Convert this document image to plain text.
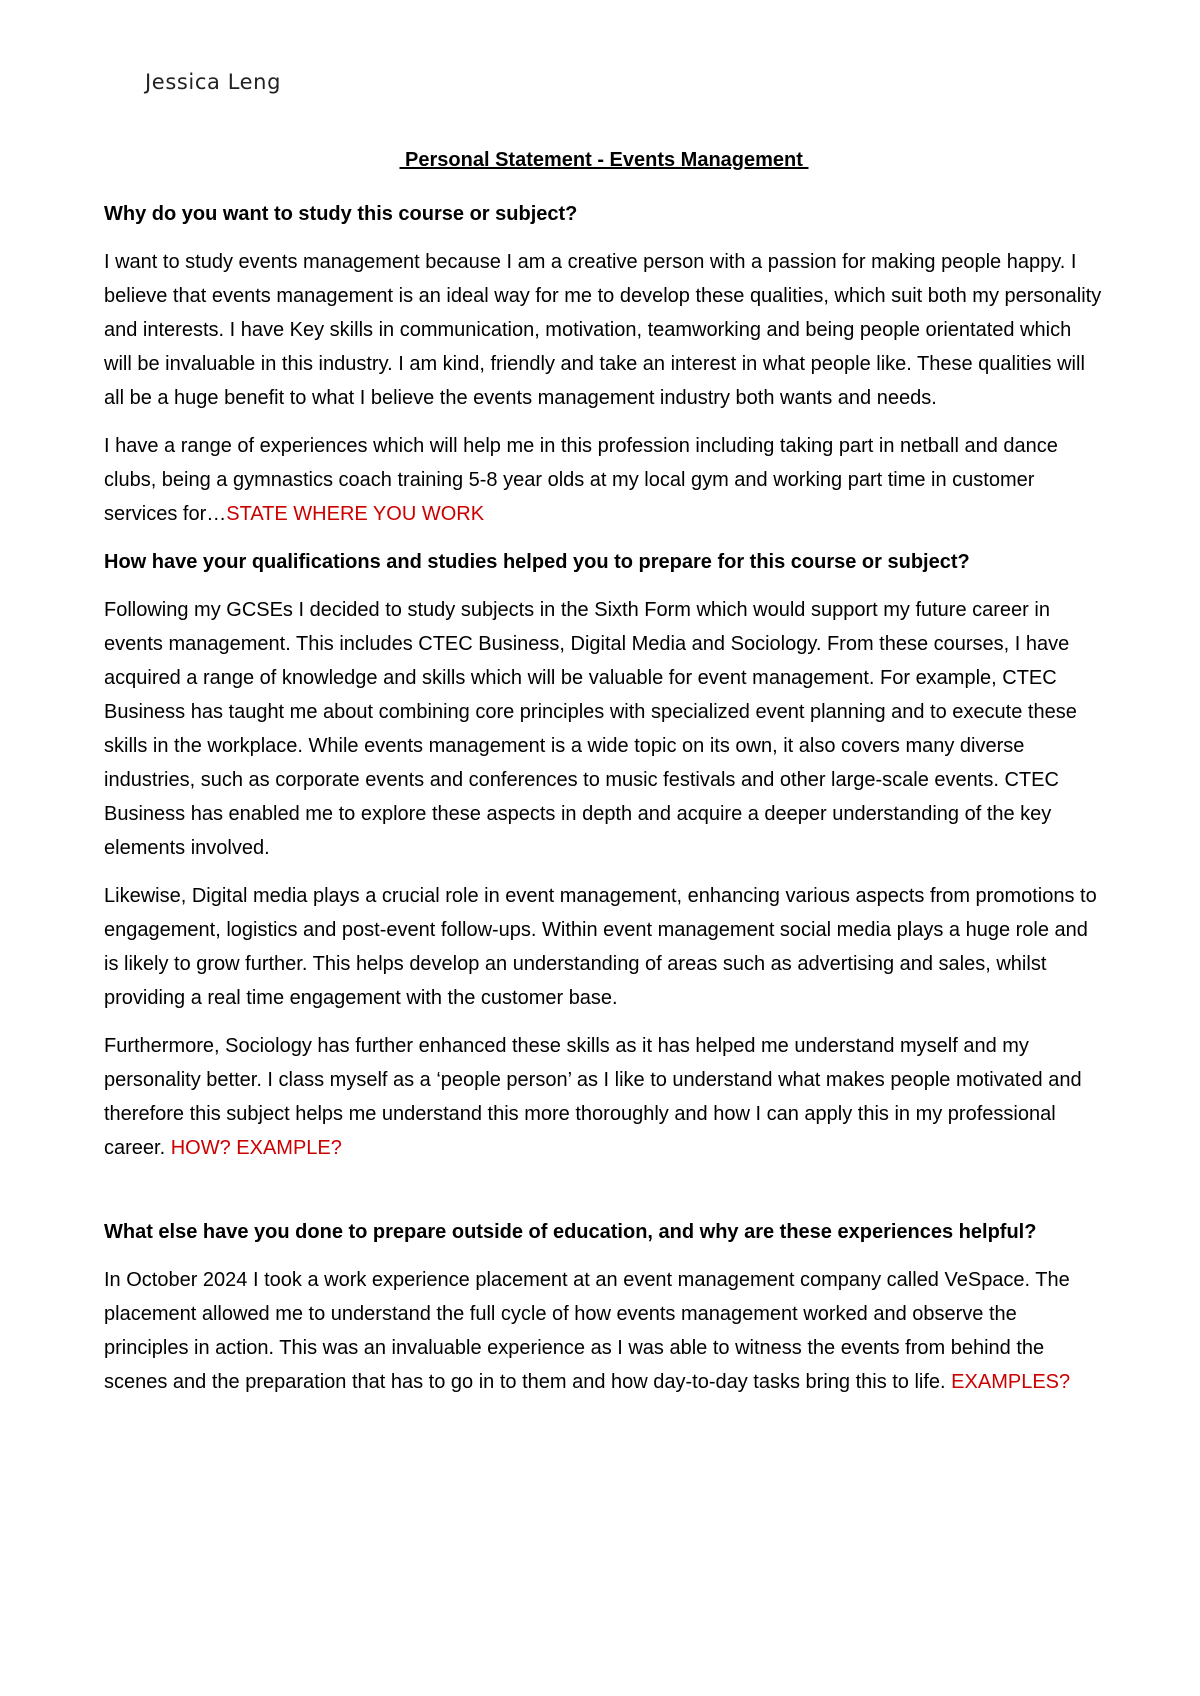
Jessica Leng
Personal Statement - Events Management
Why do you want to study this course or subject?
I want to study events management because I am a creative person with a passion for making people happy. I believe that events management is an ideal way for me to develop these qualities, which suit both my personality and interests. I have Key skills in communication, motivation, teamworking and being people orientated which will be invaluable in this industry. I am kind, friendly and take an interest in what people like. These qualities will all be a huge benefit to what I believe the events management industry both wants and needs.
I have a range of experiences which will help me in this profession including taking part in netball and dance clubs, being a gymnastics coach training 5-8 year olds at my local gym and working part time in customer services for…STATE WHERE YOU WORK
How have your qualifications and studies helped you to prepare for this course or subject?
Following my GCSEs I decided to study subjects in the Sixth Form which would support my future career in events management. This includes CTEC Business, Digital Media and Sociology. From these courses, I have acquired a range of knowledge and skills which will be valuable for event management. For example, CTEC Business has taught me about combining core principles with specialized event planning and to execute these skills in the workplace. While events management is a wide topic on its own, it also covers many diverse industries, such as corporate events and conferences to music festivals and other large-scale events. CTEC Business has enabled me to explore these aspects in depth and acquire a deeper understanding of the key elements involved.
Likewise, Digital media plays a crucial role in event management, enhancing various aspects from promotions to engagement, logistics and post-event follow-ups. Within event management social media plays a huge role and is likely to grow further. This helps develop an understanding of areas such as advertising and sales, whilst providing a real time engagement with the customer base.
Furthermore, Sociology has further enhanced these skills as it has helped me understand myself and my personality better. I class myself as a ‘people person’ as I like to understand what makes people motivated and therefore this subject helps me understand this more thoroughly and how I can apply this in my professional career. HOW? EXAMPLE?
What else have you done to prepare outside of education, and why are these experiences helpful?
In October 2024 I took a work experience placement at an event management company called VeSpace. The placement allowed me to understand the full cycle of how events management worked and observe the principles in action. This was an invaluable experience as I was able to witness the events from behind the scenes and the preparation that has to go in to them and how day-to-day tasks bring this to life. EXAMPLES?
